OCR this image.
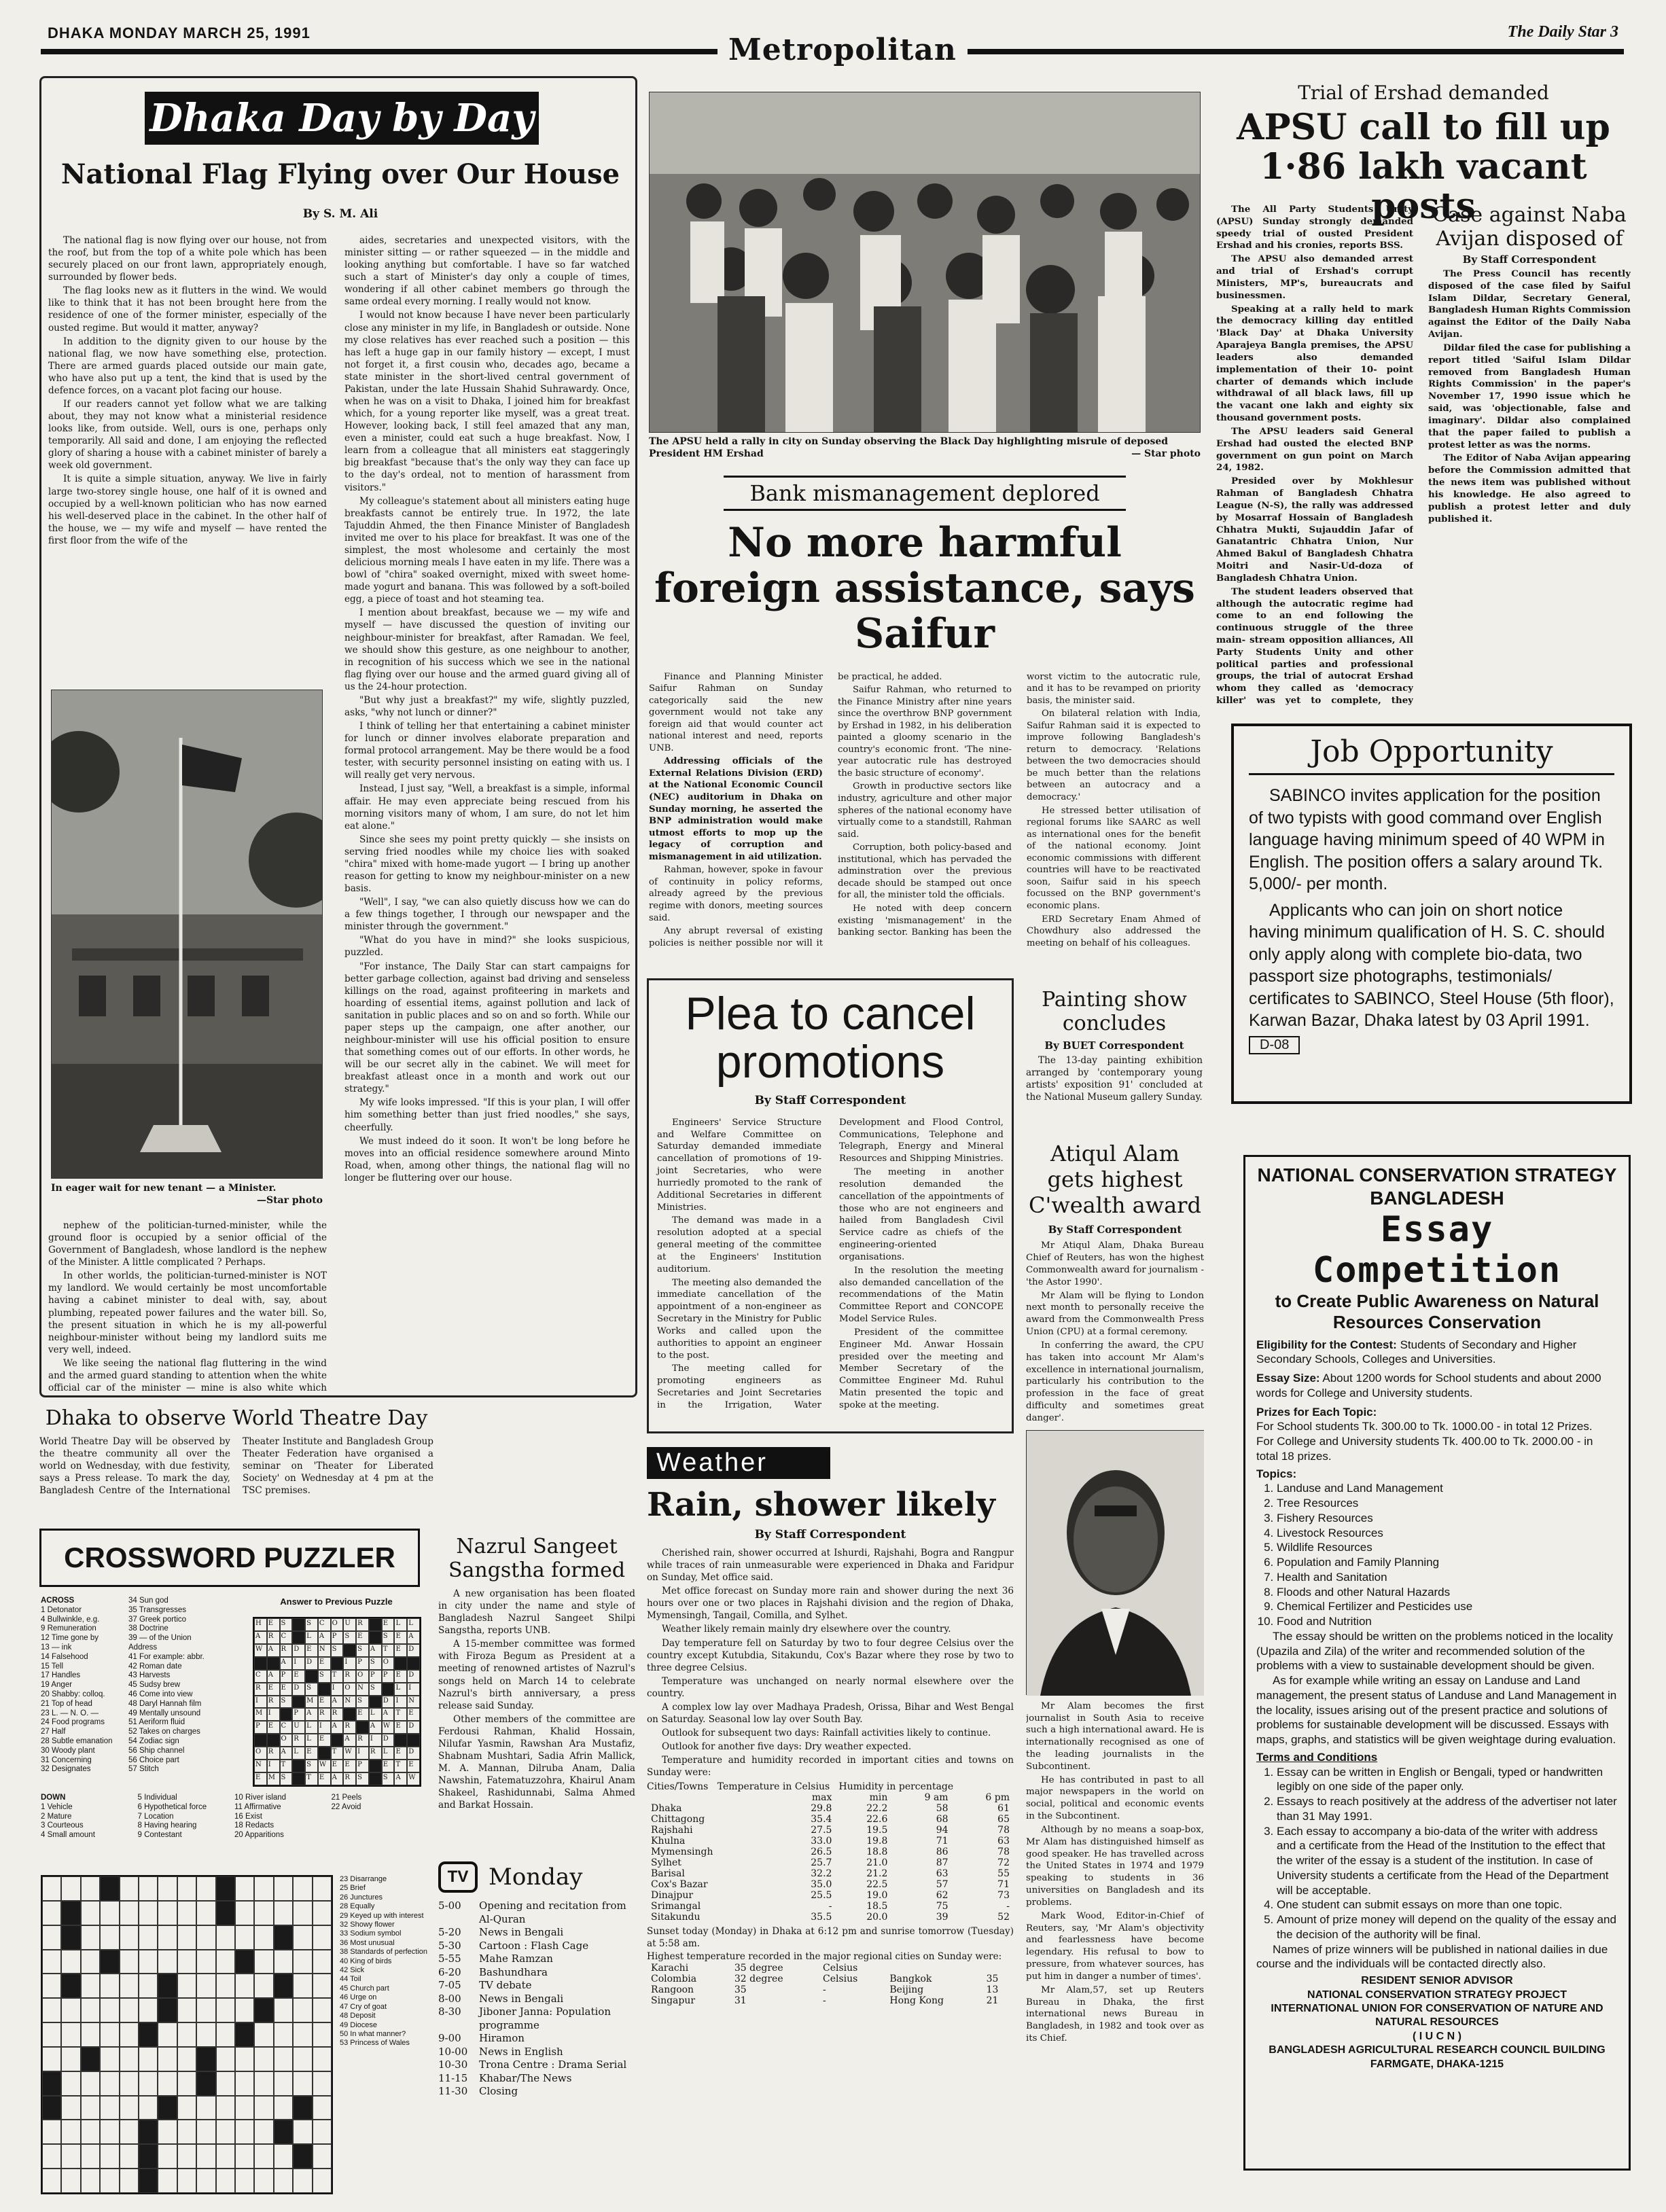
DHAKA MONDAY MARCH 25, 1991	Metropolitan
The Daily Star 3
Dhaka Day by Day
National Flag Flying over Our House
By S. M. Ali

The national flag is now flying over our house, not from the roof, but from the top of a white pole which has been securely placed on our front lawn, appropriately enough, surrounded by flower beds.

The flag looks new as it flutters in the wind. We would like to think that it has not been brought here from the residence of one of the former minister, especially of the ousted regime. But would it matter, anyway?

In addition to the dignity given to our house by the national flag, we now have something else, protection. There are armed guards placed outside our main gate, who have also put up a tent, the kind that is used by the defence forces, on a vacant plot facing our house.

If our readers cannot yet follow what we are talking about, they may not know what a ministerial residence looks like, from outside. Well, ours is one, perhaps only temporarily. All said and done, I am enjoying the reflected glory of sharing a house with a cabinet minister of barely a week old government.

It is quite a simple situation, anyway. We live in fairly large two-storey single house, one half of it is owned and occupied by a well-known politician who has now earned his well-deserved place in the cabinet. In the other half of the house, we — my wife and myself — have rented the first floor from the wife of the

In eager wait for new tenant — a Minister.

—Star photo

nephew of the politician-turned-minister, while the ground floor is occupied by a senior official of the Government of Bangladesh, whose landlord is the nephew of the Minister. A little complicated ? Perhaps.

In other worlds, the politician-turned-minister is NOT my landlord. We would certainly be most uncomfortable having a cabinet minister to deal with, say, about plumbing, repeated power failures and the water bill. So, the present situation in which he is my all-powerful neighbour-minister without being my landlord suits me very well, indeed.

We like seeing the national flag fluttering in the wind and the armed guard standing to attention when the white official car of the minister — mine is also white which

aides, secretaries and unexpected visitors, with the minister sitting — or rather squeezed — in the middle and looking anything but comfortable. I have so far watched such a start of Minister's day only a couple of times, wondering if all other cabinet members go through the same ordeal every morning. I really would not know.

I would not know because I have never been particularly close any minister in my life, in Bangladesh or outside. None my close relatives has ever reached such a position — this has left a huge gap in our family history — except, I must not forget it, a first cousin who, decades ago, became a state minister in the short-lived central government of Pakistan, under the late Hussain Shahid Suhrawardy. Once, when he was on a visit to Dhaka, I joined him for breakfast which, for a young reporter like myself, was a great treat. However, looking back, I still feel amazed that any man, even a minister, could eat such a huge breakfast. Now, I learn from a colleague that all ministers eat staggeringly big breakfast "because that's the only way they can face up to the day's ordeal, not to mention of harassment from visitors."

My colleague's statement about all ministers eating huge breakfasts cannot be entirely true. In 1972, the late Tajuddin Ahmed, the then Finance Minister of Bangladesh invited me over to his place for breakfast. It was one of the simplest, the most wholesome and certainly the most delicious morning meals I have eaten in my life. There was a bowl of "chira" soaked overnight, mixed with sweet home-made yogurt and banana. This was followed by a soft-boiled egg, a piece of toast and hot steaming tea.

I mention about breakfast, because we — my wife and myself — have discussed the question of inviting our neighbour-minister for breakfast, after Ramadan. We feel, we should show this gesture, as one neighbour to another, in recognition of his success which we see in the national flag flying over our house and the armed guard giving all of us the 24-hour protection.

"But why just a breakfast?" my wife, slightly puzzled, asks, "why not lunch or dinner?"

I think of telling her that entertaining a cabinet minister for lunch or dinner involves elaborate preparation and formal protocol arrangement. May be there would be a food tester, with security personnel insisting on eating with us. I will really get very nervous.

Instead, I just say, "Well, a breakfast is a simple, informal affair. He may even appreciate being rescued from his morning visitors many of whom, I am sure, do not let him eat alone."

Since she sees my point pretty quickly — she insists on serving fried noodles while my choice lies with soaked "chira" mixed with home-made yugort — I bring up another reason for getting to know my neighbour-minister on a new basis.

"Well", I say, "we can also quietly discuss how we can do a few things together, I through our newspaper and the minister through the government."

"What do you have in mind?" she looks suspicious, puzzled.

"For instance, The Daily Star can start campaigns for better garbage collection, against bad driving and senseless killings on the road, against profiteering in markets and hoarding of essential items, against pollution and lack of sanitation in public places and so on and so forth. While our paper steps up the campaign, one after another, our neighbour-minister will use his official position to ensure that something comes out of our efforts. In other words, he will be our secret ally in the cabinet. We will meet for breakfast atleast once in a month and work out our strategy."

My wife looks impressed. "If this is your plan, I will offer him something better than just fried noodles," she says, cheerfully.

We must indeed do it soon. It won't be long before he moves into an official residence somewhere around Minto Road, when, among other things, the national flag will no longer be fluttering over our house.

Dhaka to observe World Theatre Day
World Theatre Day will be observed by the theatre community all over the world on Wednesday, with due festivity, says a Press release. To mark the day, Bangladesh Centre of the International Theater Institute and Bangladesh Group Theater Federation have organised a seminar on 'Theater for Liberated Society' on Wednesday at 4 pm at the TSC premises.
CROSSWORD PUZZLER
ACROSS
1 Detonator
4 Bullwinkle, e.g.
9 Remuneration
12 Time gone by
13 — ink
14 Falsehood
15 Tell
17 Handles
19 Anger
20 Shabby: colloq.
21 Top of head
23 L. — N. O. —
24 Food programs
27 Half
28 Subtle emanation
30 Woody plant
31 Concerning
32 Designates
34 Sun god
35 Transgresses
37 Greek portico
38 Doctrine
39 — of the Union Address
41 For example: abbr.
42 Roman date
43 Harvests
45 Sudsy brew
46 Come into view
48 Daryl Hannah film
49 Mentally unsound
51 Aeriform fluid
52 Takes on charges
54 Zodiac sign
56 Ship channel
56 Choice part
57 Stitch
Answer to Previous Puzzle
H	E	S	S	C	O	U	R	E	L	L
A	R	C	L	A	P	S	E	S	E	A
W A	R	D	E	N	S	S	A	T	E	D
A	I	D	E	I	P	S	O
C	A	P	E	S	T	R	O	P	P	E	D
R	E	E	D	S	I	O	N	S	L	I
I	R	S	M E	A	N	S	D	I	N
M I	P	A	R	R	E	L	A	T	E
P	E	C	U	L	I	A	R	A	W E	D
O	R	L	E	A	R	I	D
O	R	A	L	E	T	W I	R	L	E	D
N	I	T	S	W E	E	P	E	T	E
E	M S	T	E	A	R	S	S	A	W
DOWN
1 Vehicle
2 Mature
3 Courteous
4 Small amount
5 Individual
6 Hypothetical force
7 Location
8 Having hearing
9 Contestant
10 River island
11 Affirmative
16 Exist
18 Redacts
20 Apparitions
21 Peels
22 Avoid
23 Disarrange
25 Brief
26 Junctures
28 Equally
29 Keyed up with interest
32 Showy flower
33 Sodium symbol
36 Most unusual
38 Standards of perfection
40 King of birds
42 Sick
44 Toil
45 Church part
46 Urge on
47 Cry of goat
48 Deposit
49 Diocese
50 In what manner?
53 Princess of Wales
Nazrul Sangeet Sangstha formed

A new organisation has been floated in city under the name and style of Bangladesh Nazrul Sangeet Shilpi Sangstha, reports UNB.

A 15-member committee was formed with Firoza Begum as President at a meeting of renowned artistes of Nazrul's songs held on March 14 to celebrate Nazrul's birth anniversary, a press release said Sunday.

Other members of the committee are Ferdousi Rahman, Khalid Hossain, Nilufar Yasmin, Rawshan Ara Mustafiz, Shabnam Mushtari, Sadia Afrin Mallick, M. A. Mannan, Dilruba Anam, Dalia Nawshin, Fatematuzzohra, Khairul Anam Shakeel, Rashidunnabi, Salma Ahmed and Barkat Hossain.

TV Monday
5-00	Opening and recitation from Al-Quran
5-20	News in Bengali
5-30	Cartoon : Flash Cage
5-55	Mahe Ramzan
6-20	Bashundhara
7-05	TV debate
8-00	News in Bengali
8-30	Jiboner Janna: Population programme
9-00	Hiramon
10-00	News in English
10-30	Trona Centre : Drama Serial
11-15	Khabar/The News
11-30	Closing
The APSU held a rally in city on Sunday observing the Black Day highlighting misrule of deposed President HM Ershad	— Star photo
Bank mismanagement deplored
No more harmful foreign assistance, says Saifur

Finance and Planning Minister Saifur Rahman on Sunday categorically said the new government would not take any foreign aid that would counter act national interest and need, reports UNB.

Addressing officials of the External Relations Division (ERD) at the National Economic Council (NEC) auditorium in Dhaka on Sunday morning, he asserted the BNP administration would make utmost efforts to mop up the legacy of corruption and mismanagement in aid utilization.

Rahman, however, spoke in favour of continuity in policy reforms, already agreed by the previous regime with donors, meeting sources said.

Any abrupt reversal of existing policies is neither possible nor will it be practical, he added.

Saifur Rahman, who returned to the Finance Ministry after nine years since the overthrow BNP government by Ershad in 1982, in his deliberation painted a gloomy scenario in the country's economic front. 'The nine-year autocratic rule has destroyed the basic structure of economy'.

Growth in productive sectors like industry, agriculture and other major spheres of the national economy have virtually come to a standstill, Rahman said.

Corruption, both policy-based and institutional, which has pervaded the adminstration over the previous decade should be stamped out once for all, the minister told the officials.

He noted with deep concern existing 'mismanagement' in the banking sector. Banking has been the worst victim to the autocratic rule, and it has to be revamped on priority basis, the minister said.

On bilateral relation with India, Saifur Rahman said it is expected to improve following Bangladesh's return to democracy. 'Relations between the two democracies should be much better than the relations between an autocracy and a democracy.'

He stressed better utilisation of regional forums like SAARC as well as international ones for the benefit of the national economy. Joint economic commissions with different countries will have to be reactivated soon, Saifur said in his speech focussed on the BNP government's economic plans.

ERD Secretary Enam Ahmed of Chowdhury also addressed the meeting on behalf of his colleagues.

Plea to cancel promotions
By Staff Correspondent

Engineers' Service Structure and Welfare Committee on Saturday demanded immediate cancellation of promotions of 19-joint Secretaries, who were hurriedly promoted to the rank of Additional Secretaries in different Ministries.

The demand was made in a resolution adopted at a special general meeting of the committee at the Engineers' Institution auditorium.

The meeting also demanded the immediate cancellation of the appointment of a non-engineer as Secretary in the Ministry for Public Works and called upon the authorities to appoint an engineer to the post.

The meeting called for promoting engineers as Secretaries and Joint Secretaries in the Irrigation, Water Development and Flood Control, Communications, Telephone and Telegraph, Energy and Mineral Resources and Shipping Ministries.

The meeting in another resolution demanded the cancellation of the appointments of those who are not engineers and hailed from Bangladesh Civil Service cadre as chiefs of the engineering-oriented organisations.

In the resolution the meeting also demanded cancellation of the recommendations of the Matin Committee Report and CONCOPE Model Service Rules.

President of the committee Engineer Md. Anwar Hossain presided over the meeting and Member Secretary of the Committee Engineer Md. Ruhul Matin presented the topic and spoke at the meeting.

Painting show concludes
By BUET Correspondent
The 13-day painting exhibition arranged by 'contemporary young artists' exposition 91' concluded at the National Museum gallery Sunday.
Atiqul Alam gets highest C'wealth award
By Staff Correspondent

Mr Atiqul Alam, Dhaka Bureau Chief of Reuters, has won the highest Commonwealth award for journalism -'the Astor 1990'.

Mr Alam will be flying to London next month to personally receive the award from the Commonwealth Press Union (CPU) at a formal ceremony.

In conferring the award, the CPU has taken into account Mr Alam's excellence in international journalism, particularly his contribution to the profession in the face of great difficulty and sometimes great danger'.

Mr Alam becomes the first journalist in South Asia to receive such a high international award. He is internationally recognised as one of the leading journalists in the Subcontinent.

He has contributed in past to all major newspapers in the world on social, political and economic events in the Subcontinent.

Although by no means a soap-box, Mr Alam has distinguished himself as good speaker. He has travelled across the United States in 1974 and 1979 speaking to students in 36 universities on Bangladesh and its problems.

Mark Wood, Editor-in-Chief of Reuters, say, 'Mr Alam's objectivity and fearlessness have become legendary. His refusal to bow to pressure, from whatever sources, has put him in danger a number of times'.

Mr Alam,57, set up Reuters Bureau in Dhaka, the first international news Bureau in Bangladesh, in 1982 and took over as its Chief.

Weather
Rain, shower likely
By Staff Correspondent

Cherished rain, shower occurred at Ishurdi, Rajshahi, Bogra and Rangpur while traces of rain unmeasurable were experienced in Dhaka and Faridpur on Sunday, Met office said.

Met office forecast on Sunday more rain and shower during the next 36 hours over one or two places in Rajshahi division and the region of Dhaka, Mymensingh, Tangail, Comilla, and Sylhet.

Weather likely remain mainly dry elsewhere over the country.

Day temperature fell on Saturday by two to four degree Celsius over the country except Kutubdia, Sitakundu, Cox's Bazar where they rose by two to three degree Celsius.

Temperature was unchanged on nearly normal elsewhere over the country.

A complex low lay over Madhaya Pradesh, Orissa, Bihar and West Bengal on Saturday. Seasonal low lay over South Bay.

Outlook for subsequent two days: Rainfall activities likely to continue.

Outlook for another five days: Dry weather expected.

Temperature and humidity recorded in important cities and towns on Sunday were:

Cities/Towns Temperature in Celsius Humidity in percentage
	max	min	9 am	6 pm
Dhaka	29.8	22.2	58	61
Chittagong	35.4	22.6	68	65
Rajshahi	27.5	19.5	94	78
Khulna	33.0	19.8	71	63
Mymensingh	26.5	18.8	86	78
Sylhet	25.7	21.0	87	72
Barisal	32.2	21.2	63	55
Cox's Bazar	35.0	22.5	57	71
Dinajpur	25.5	19.0	62	73
Srimangal	-	18.5	75	-
Sitakundu	35.5	20.0	39	52
Sunset today (Monday) in Dhaka at 6:12 pm and sunrise tomorrow (Tuesday) at 5:58 am.
Highest temperature recorded in the major regional cities on Sunday were:
Karachi	35 degree	Celsius		
Colombia	32 degree	Celsius	Bangkok	35
Rangoon	35	-	Beijing	13
Singapur	31	-	Hong Kong	21
Trial of Ershad demanded
APSU call to fill up 1·86 lakh vacant posts

The All Party Students Unity (APSU) Sunday strongly demanded speedy trial of ousted President Ershad and his cronies, reports BSS.

The APSU also demanded arrest and trial of Ershad's corrupt Ministers, MP's, bureaucrats and businessmen.

Speaking at a rally held to mark the democracy killing day entitled 'Black Day' at Dhaka University Aparajeya Bangla premises, the APSU leaders also demanded implementation of their 10- point charter of demands which include withdrawal of all black laws, fill up the vacant one lakh and eighty six thousand government posts.

The APSU leaders said General Ershad had ousted the elected BNP government on gun point on March 24, 1982.

Presided over by Mokhlesur Rahman of Bangladesh Chhatra League (N-S), the rally was addressed by Mosarraf Hossain of Bangladesh Chhatra Mukti, Sujauddin Jafar of Ganatantric Chhatra Union, Nur Ahmed Bakul of Bangladesh Chhatra Moitri and Nasir-Ud-doza of Bangladesh Chhatra Union.

The student leaders observed that although the autocratic regime had come to an end following the continuous struggle of the three main- stream opposition alliances, All Party Students Unity and other political parties and professional groups, the trial of autocrat Ershad whom they called as 'democracy killer' was yet to complete, they

Case against Naba Avijan disposed of
By Staff Correspondent

The Press Council has recently disposed of the case filed by Saiful Islam Dildar, Secretary General, Bangladesh Human Rights Commission against the Editor of the Daily Naba Avijan.

Dildar filed the case for publishing a report titled 'Saiful Islam Dildar removed from Bangladesh Human Rights Commission' in the paper's November 17, 1990 issue which he said, was 'objectionable, false and imaginary'. Dildar also complained that the paper failed to publish a protest letter as was the norms.

The Editor of Naba Avijan appearing before the Commission admitted that the news item was published without his knowledge. He also agreed to publish a protest letter and duly published it.

Job Opportunity
SABINCO invites application for the position of two typists with good command over English language having minimum speed of 40 WPM in English. The position offers a salary around Tk. 5,000/- per month.
Applicants who can join on short notice having minimum qualification of H. S. C. should only apply along with complete bio-data, two passport size photographs, testimonials/ certificates to SABINCO, Steel House (5th floor), Karwan Bazar, Dhaka latest by 03 April 1991.
D-08
NATIONAL CONSERVATION STRATEGY BANGLADESH
Essay Competition
to Create Public Awareness on Natural Resources Conservation
Eligibility for the Contest: Students of Secondary and Higher Secondary Schools, Colleges and Universities.
Essay Size: About 1200 words for School students and about 2000 words for College and University students.
Prizes for Each Topic:
For School students Tk. 300.00 to Tk. 1000.00 - in total 12 Prizes.
For College and University students Tk. 400.00 to Tk. 2000.00 - in total 18 prizes.
Topics:
1. Landuse and Land Management
2. Tree Resources
3. Fishery Resources
4. Livestock Resources
5. Wildlife Resources
6. Population and Family Planning
7. Health and Sanitation
8. Floods and other Natural Hazards
9. Chemical Fertilizer and Pesticides use
10. Food and Nutrition
The essay should be written on the problems noticed in the locality (Upazila and Zila) of the writer and recommended solution of the problems with a view to sustainable development should be given.
As for example while writing an essay on Landuse and Land management, the present status of Landuse and Land Management in the locality, issues arising out of the present practice and solutions of problems for sustainable development will be discussed. Essays with maps, graphs, and statistics will be given weightage during evaluation.
Terms and Conditions
1. Essay can be written in English or Bengali, typed or handwritten legibly on one side of the paper only.
2. Essays to reach positively at the address of the advertiser not later than 31 May 1991.
3. Each essay to accompany a bio-data of the writer with address and a certificate from the Head of the Institution to the effect that the writer of the essay is a student of the institution. In case of University students a certificate from the Head of the Department will be acceptable.
4. One student can submit essays on more than one topic.
5. Amount of prize money will depend on the quality of the essay and the decision of the authority will be final.
Names of prize winners will be published in national dailies in due course and the individuals will be contacted directly also.
RESIDENT SENIOR ADVISOR
NATIONAL CONSERVATION STRATEGY PROJECT
INTERNATIONAL UNION FOR CONSERVATION OF NATURE AND NATURAL RESOURCES
( I U C N )
BANGLADESH AGRICULTURAL RESEARCH COUNCIL BUILDING
FARMGATE, DHAKA-1215
